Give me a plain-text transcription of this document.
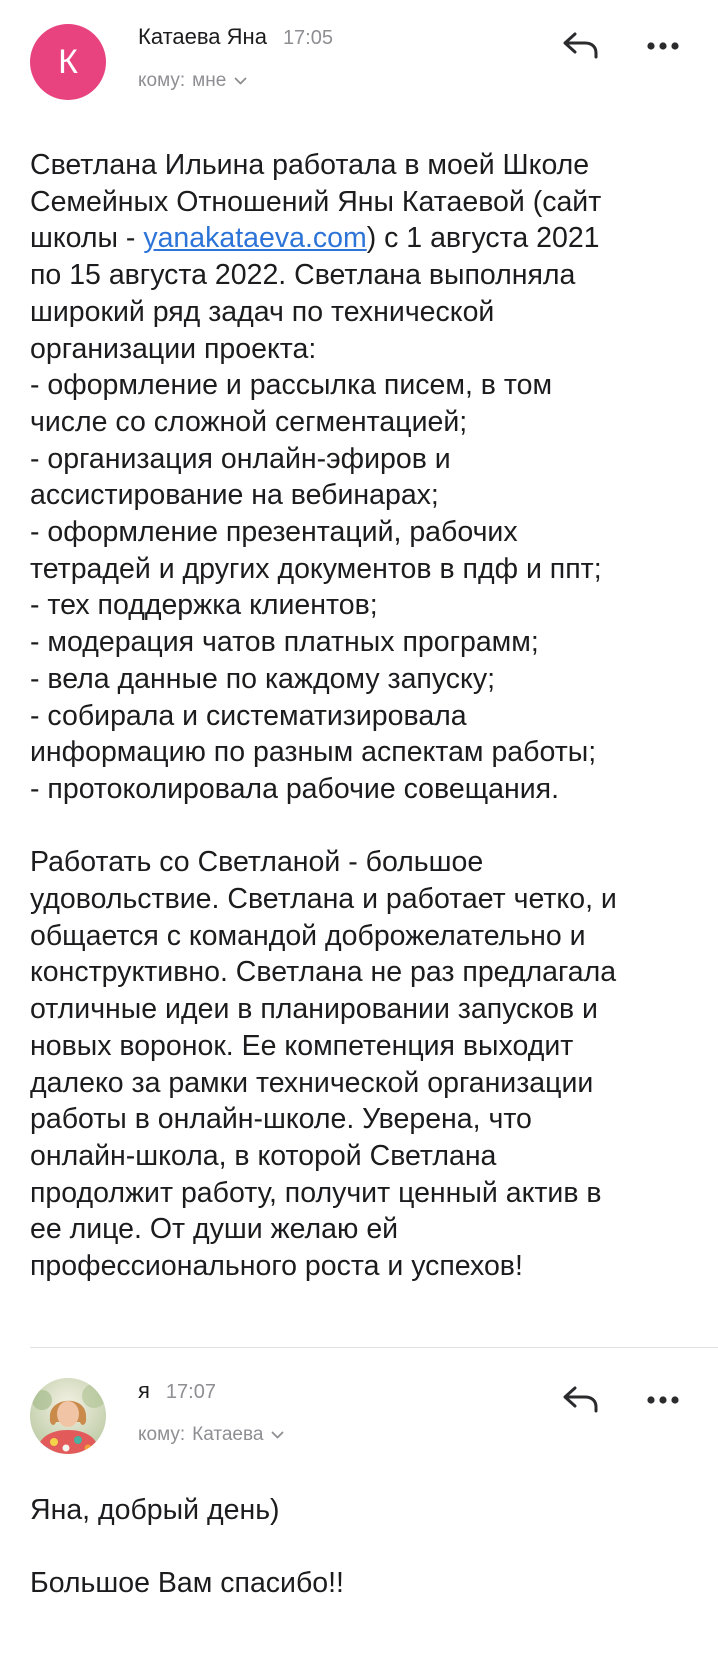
К
Катаева Яна 17:05
кому: мне
Светлана Ильина работала в моей Школе
Семейных Отношений Яны Катаевой (сайт
школы - yanakataeva.com) с 1 августа 2021
по 15 августа 2022. Светлана выполняла
широкий ряд задач по технической
организации проекта:
- оформление и рассылка писем, в том
числе со сложной сегментацией;
- организация онлайн-эфиров и
ассистирование на вебинарах;
- оформление презентаций, рабочих
тетрадей и других документов в пдф и ппт;
- тех поддержка клиентов;
- модерация чатов платных программ;
- вела данные по каждому запуску;
- собирала и систематизировала
информацию по разным аспектам работы;
- протоколировала рабочие совещания.
Работать со Светланой - большое
удовольствие. Светлана и работает четко, и
общается с командой доброжелательно и
конструктивно. Светлана не раз предлагала
отличные идеи в планировании запусков и
новых воронок. Ее компетенция выходит
далеко за рамки технической организации
работы в онлайн-школе. Уверена, что
онлайн-школа, в которой Светлана
продолжит работу, получит ценный актив в
ее лице. От души желаю ей
профессионального роста и успехов!
я 17:07
кому: Катаева
Яна, добрый день)
Большое Вам спасибо!!
